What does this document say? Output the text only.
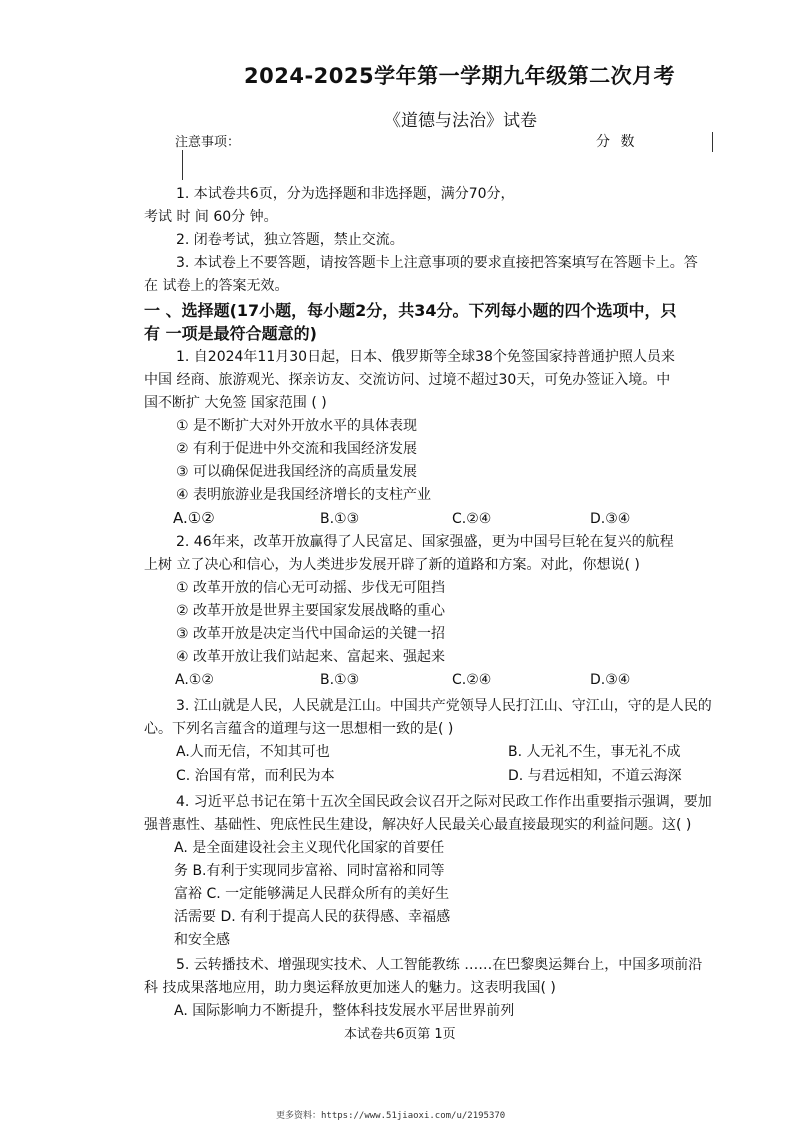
2024-2025学年第一学期九年级第二次月考
《道德与法治》试卷
注意事项：	分 数
1. 本试卷共6页，分为选择题和非选择题，满分70分，
考试 时 间 60分 钟。
2. 闭卷考试，独立答题，禁止交流。
3. 本试卷上不要答题，请按答题卡上注意事项的要求直接把答案填写在答题卡上。答
在 试卷上的答案无效。
一 、选择题(17小题，每小题2分，共34分。下列每小题的四个选项中，只
有 一项是最符合题意的)
1. 自2024年11月30日起，日本、俄罗斯等全球38个免签国家持普通护照人员来
中国 经商、旅游观光、探亲访友、交流访问、过境不超过30天，可免办签证入境。中
国不断扩 大免签 国家范围 ( )
① 是不断扩大对外开放水平的具体表现
② 有利于促进中外交流和我国经济发展
③ 可以确保促进我国经济的高质量发展
④ 表明旅游业是我国经济增长的支柱产业
A.①②	B.①③	C.②④	D.③④
2. 46年来，改革开放赢得了人民富足、国家强盛，更为中国号巨轮在复兴的航程
上树 立了决心和信心，为人类进步发展开辟了新的道路和方案。对此，你想说( )
① 改革开放的信心无可动摇、步伐无可阻挡
② 改革开放是世界主要国家发展战略的重心
③ 改革开放是决定当代中国命运的关键一招
④ 改革开放让我们站起来、富起来、强起来
A.①②	B.①③	C.②④	D.③④
3. 江山就是人民，人民就是江山。中国共产党领导人民打江山、守江山，守的是人民的
心。下列名言蕴含的道理与这一思想相一致的是( )
A.人而无信，不知其可也	B. 人无礼不生，事无礼不成
C. 治国有常，而利民为本	D. 与君远相知，不道云海深
4. 习近平总书记在第十五次全国民政会议召开之际对民政工作作出重要指示强调，要加
强普惠性、基础性、兜底性民生建设，解决好人民最关心最直接最现实的利益问题。这( )
A. 是全面建设社会主义现代化国家的首要任
务 B.有利于实现同步富裕、同时富裕和同等
富裕 C. 一定能够满足人民群众所有的美好生
活需要 D. 有利于提高人民的获得感、幸福感
和安全感
5. 云转播技术、增强现实技术、人工智能教练 ……在巴黎奥运舞台上，中国多项前沿
科 技成果落地应用，助力奥运释放更加迷人的魅力。这表明我国( )
A. 国际影响力不断提升，整体科技发展水平居世界前列
本试卷共6页第 1页
更多资料：https://www.51jiaoxi.com/u/2195370
